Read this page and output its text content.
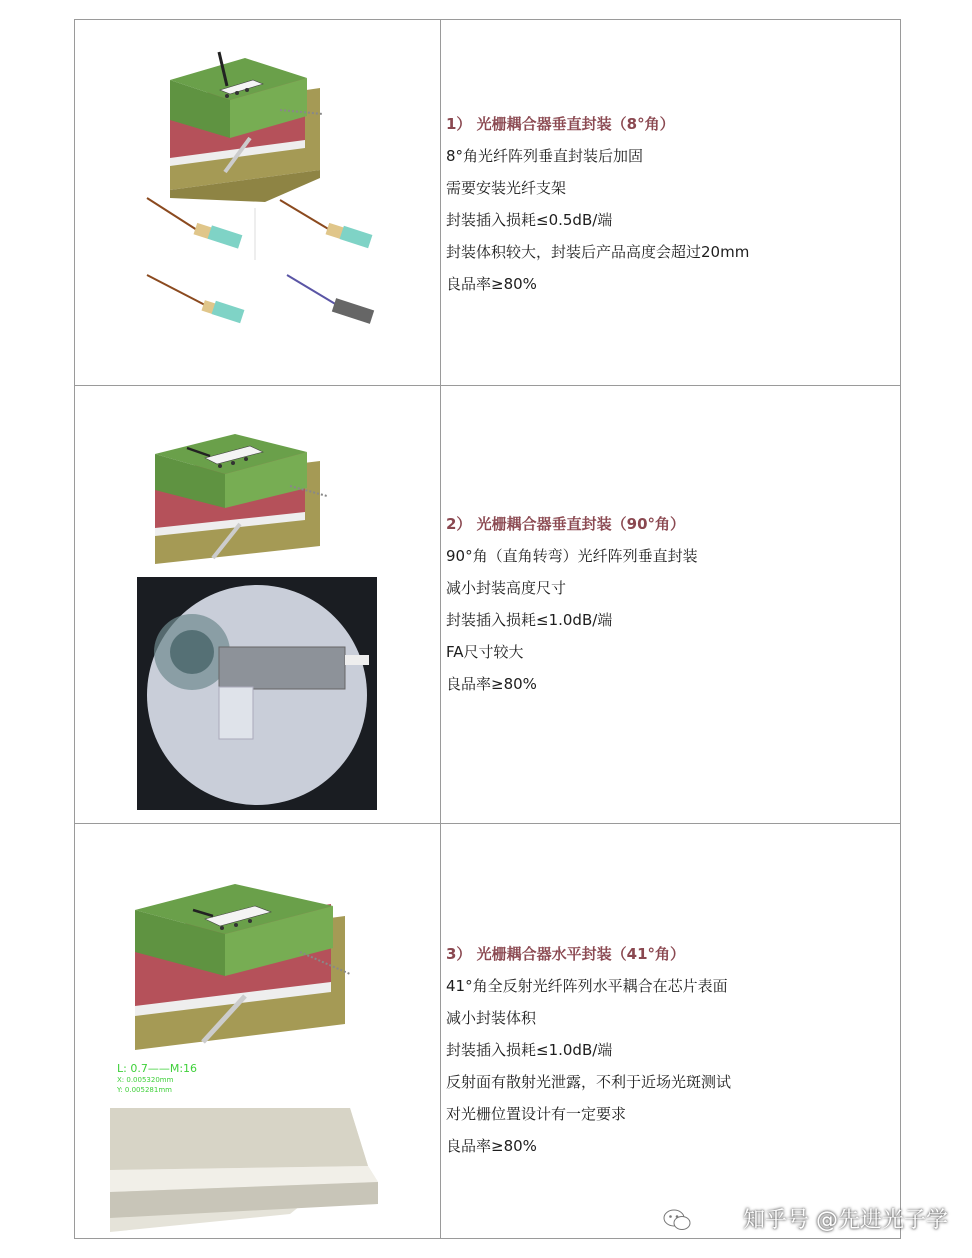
·
1） 光栅耦合器垂直封装（8°角）
8°角光纤阵列垂直封装后加固
需要安装光纤支架
封装插入损耗≤0.5dB/端
封装体积较大，封装后产品高度会超过20mm
良品率≥80%
2） 光栅耦合器垂直封装（90°角）
90°角（直角转弯）光纤阵列垂直封装
减小封装高度尺寸
封装插入损耗≤1.0dB/端
FA尺寸较大
良品率≥80%
L: 0.7——M:16
X: 0.005320mm
Y: 0.005281mm
3） 光栅耦合器水平封装（41°角）
41°角全反射光纤阵列水平耦合在芯片表面
减小封装体积
封装插入损耗≤1.0dB/端
反射面有散射光泄露，不利于近场光斑测试
对光栅位置设计有一定要求
良品率≥80%
知乎号 @先进光子学
